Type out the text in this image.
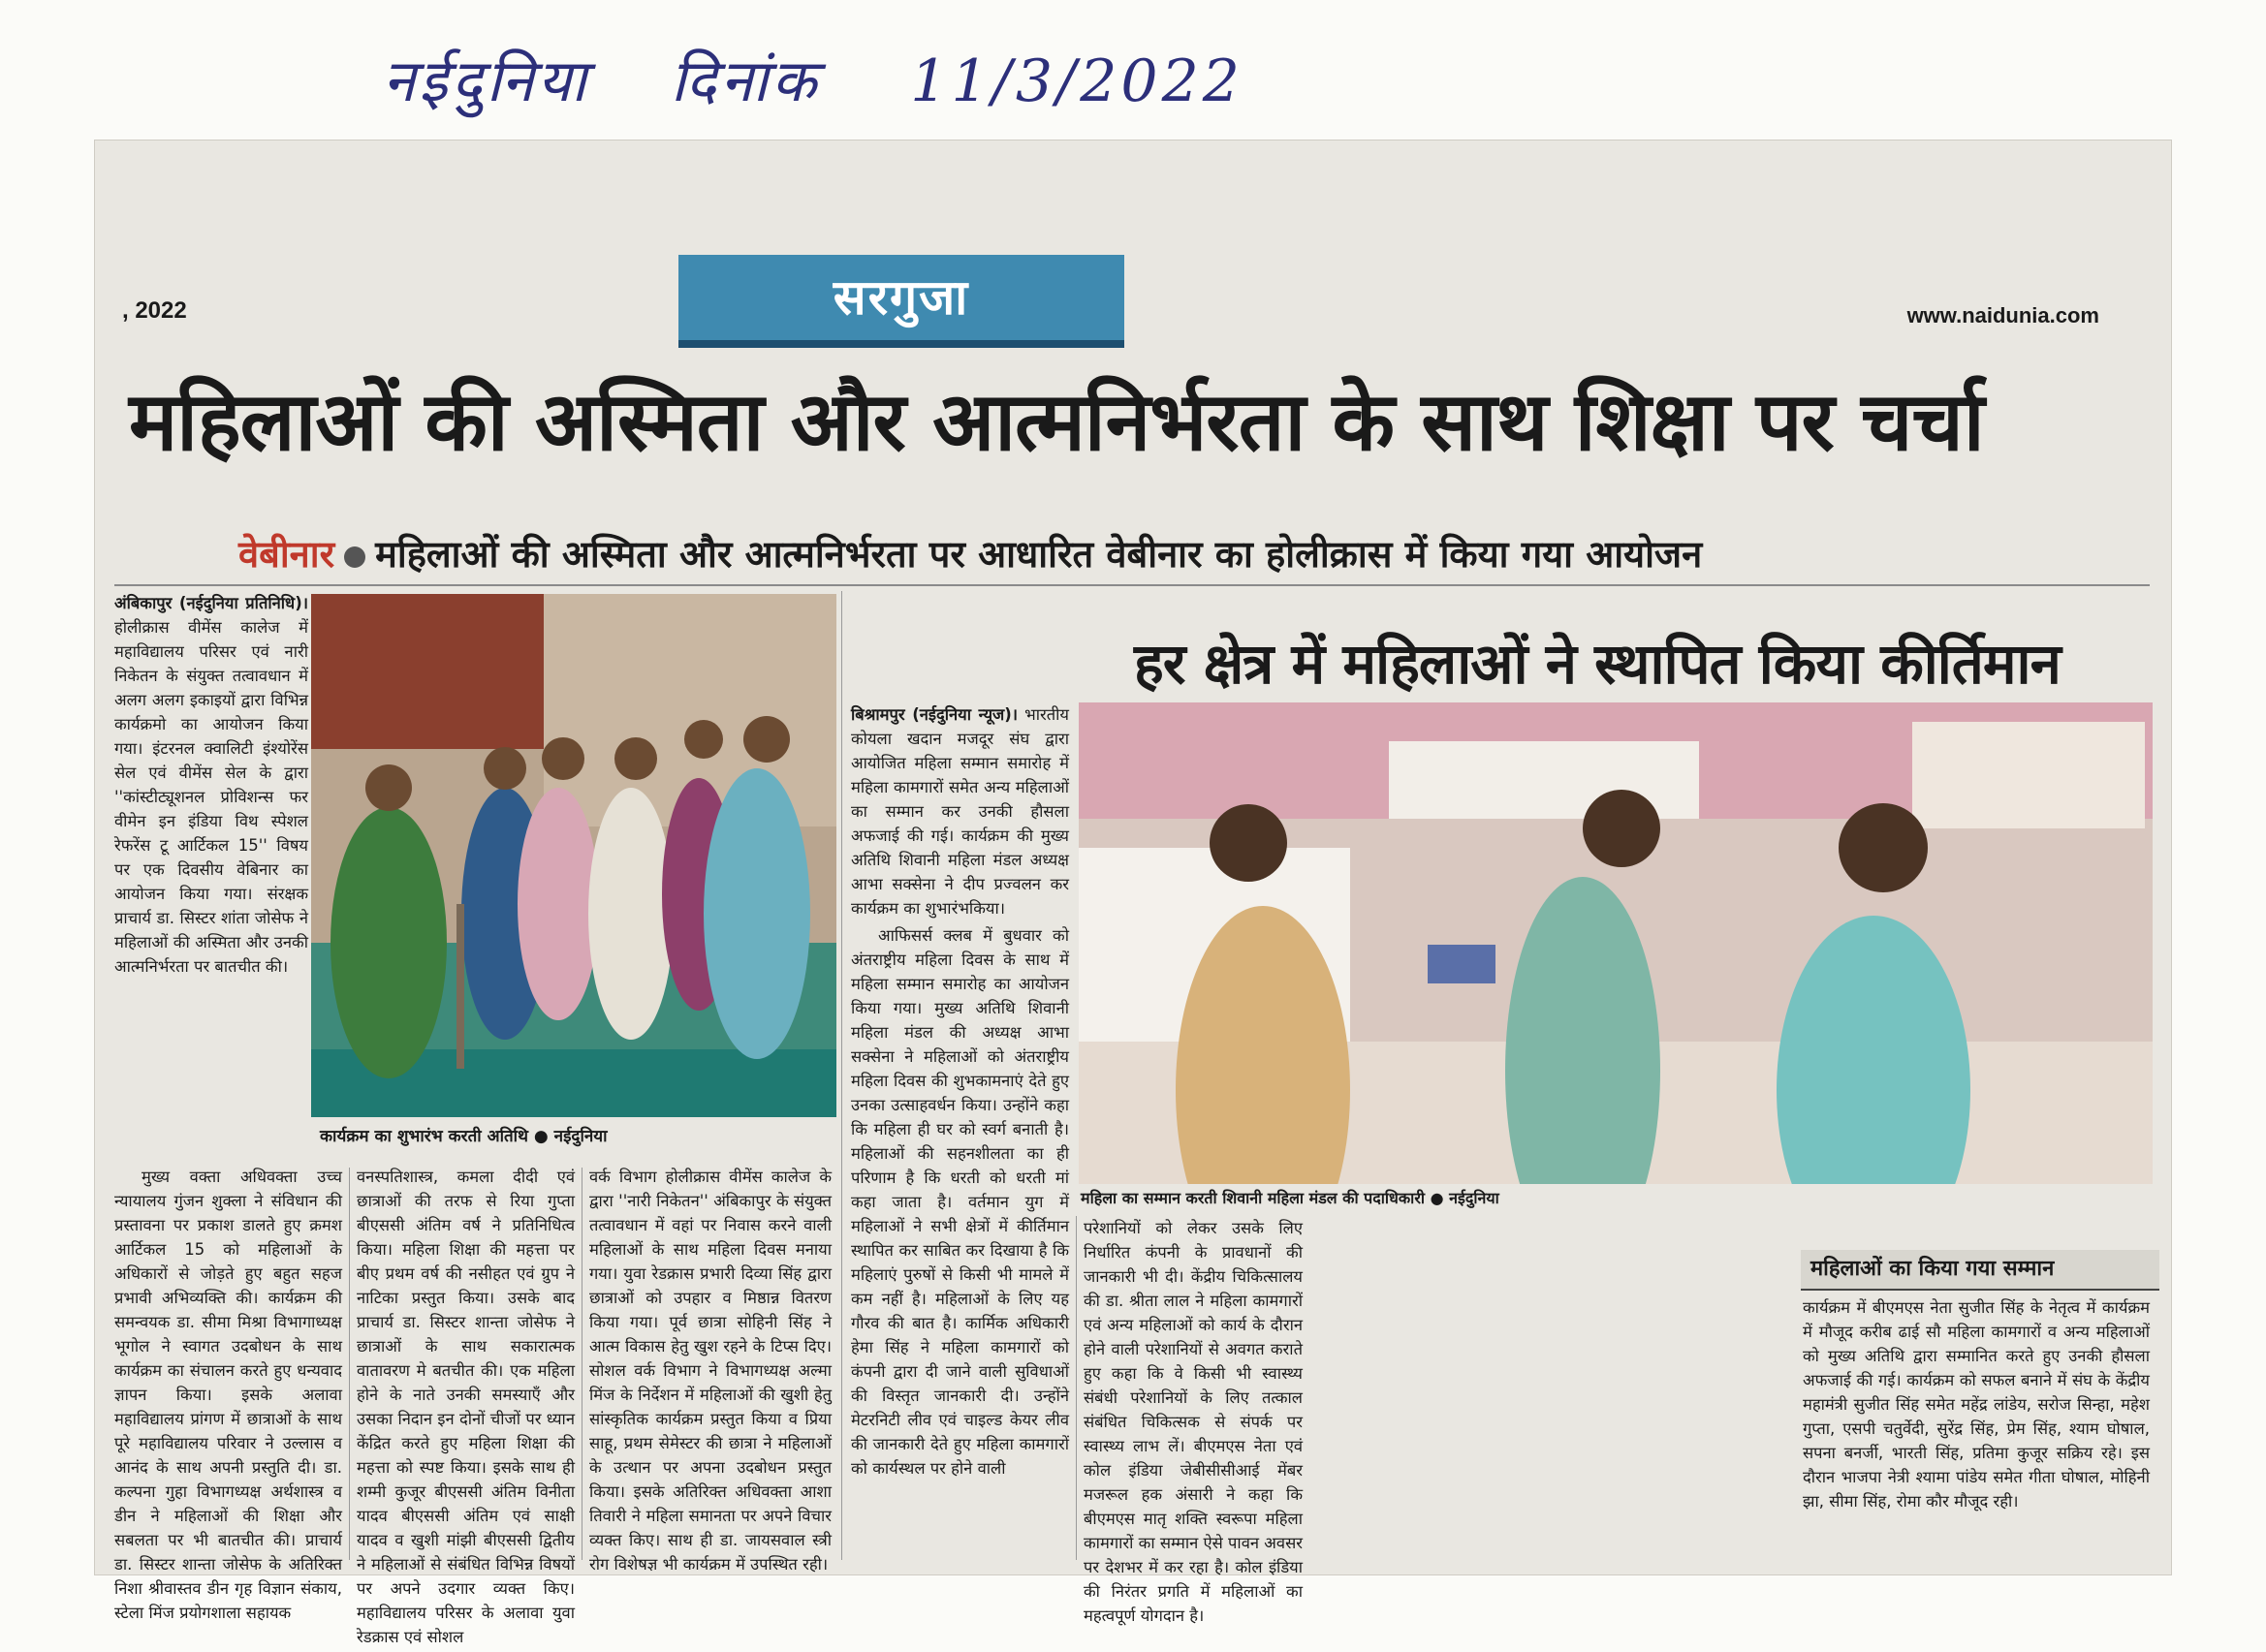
नईदुनिया दिनांक 11/3/2022
, 2022	सरगुजा	www.naidunia.com
महिलाओं की अस्मिता और आत्मनिर्भरता के साथ शिक्षा पर चर्चा
वेबीनार महिलाओं की अस्मिता और आत्मनिर्भरता पर आधारित वेबीनार का होलीक्रास में किया गया आयोजन

अंबिकापुर (नईदुनिया प्रतिनिधि)। होलीक्रास वीमेंस कालेज में महाविद्यालय परिसर एवं नारी निकेतन के संयुक्त तत्वावधान में अलग अलग इकाइयों द्वारा विभिन्न कार्यक्रमो का आयोजन किया गया। इंटरनल क्वालिटी इंश्योरेंस सेल एवं वीमेंस सेल के द्वारा ''कांस्टीट्यूशनल प्रोविशन्स फर वीमेन इन इंडिया विथ स्पेशल रेफरेंस टू आर्टिकल 15'' विषय पर एक दिवसीय वेबिनार का आयोजन किया गया। संरक्षक प्राचार्य डा. सिस्टर शांता जोसेफ ने महिलाओं की अस्मिता और उनकी आत्मनिर्भरता पर बातचीत की।

कार्यक्रम का शुभारंभ करती अतिथि ● नईदुनिया

मुख्य वक्ता अधिवक्ता उच्च न्यायालय गुंजन शुक्ला ने संविधान की प्रस्तावना पर प्रकाश डालते हुए क्रमश आर्टिकल 15 को महिलाओं के अधिकारों से जोड़ते हुए बहुत सहज प्रभावी अभिव्यक्ति की। कार्यक्रम की समन्वयक डा. सीमा मिश्रा विभागाध्यक्ष भूगोल ने स्वागत उदबोधन के साथ कार्यक्रम का संचालन करते हुए धन्यवाद ज्ञापन किया। इसके अलावा महाविद्यालय प्रांगण में छात्राओं के साथ पूरे महाविद्यालय परिवार ने उल्लास व आनंद के साथ अपनी प्रस्तुति दी। डा. कल्पना गुहा विभागध्यक्ष अर्थशास्त्र व डीन ने महिलाओं की शिक्षा और सबलता पर भी बातचीत की। प्राचार्य डा. सिस्टर शान्ता जोसेफ के अतिरिक्त निशा श्रीवास्तव डीन गृह विज्ञान संकाय, स्टेला मिंज प्रयोगशाला सहायक

वनस्पतिशास्त्र, कमला दीदी एवं छात्राओं की तरफ से रिया गुप्ता बीएससी अंतिम वर्ष ने प्रतिनिधित्व किया। महिला शिक्षा की महत्ता पर बीए प्रथम वर्ष की नसीहत एवं ग्रुप ने नाटिका प्रस्तुत किया। उसके बाद प्राचार्य डा. सिस्टर शान्ता जोसेफ ने छात्राओं के साथ सकारात्मक वातावरण मे बतचीत की। एक महिला होने के नाते उनकी समस्याएँ और उसका निदान इन दोनों चीजों पर ध्यान केंद्रित करते हुए महिला शिक्षा की महत्ता को स्पष्ट किया। इसके साथ ही शम्मी कुजूर बीएससी अंतिम विनीता यादव बीएससी अंतिम एवं साक्षी यादव व खुशी मांझी बीएससी द्वितीय ने महिलाओं से संबंधित विभिन्न विषयों पर अपने उदगार व्यक्त किए। महाविद्यालय परिसर के अलावा युवा रेडक्रास एवं सोशल

वर्क विभाग होलीक्रास वीमेंस कालेज के द्वारा ''नारी निकेतन'' अंबिकापुर के संयुक्त तत्वावधान में वहां पर निवास करने वाली महिलाओं के साथ महिला दिवस मनाया गया। युवा रेडक्रास प्रभारी दिव्या सिंह द्वारा छात्राओं को उपहार व मिष्ठान्न वितरण किया गया। पूर्व छात्रा सोहिनी सिंह ने आत्म विकास हेतु खुश रहने के टिप्स दिए। सोशल वर्क विभाग ने विभागध्यक्ष अल्मा मिंज के निर्देशन में महिलाओं की खुशी हेतु सांस्कृतिक कार्यक्रम प्रस्तुत किया व प्रिया साहू, प्रथम सेमेस्टर की छात्रा ने महिलाओं के उत्थान पर अपना उदबोधन प्रस्तुत किया। इसके अतिरिक्त अधिवक्ता आशा तिवारी ने महिला समानता पर अपने विचार व्यक्त किए। साथ ही डा. जायसवाल स्त्री रोग विशेषज्ञ भी कार्यक्रम में उपस्थित रही।

हर क्षेत्र में महिलाओं ने स्थापित किया कीर्तिमान

बिश्रामपुर (नईदुनिया न्यूज)। भारतीय कोयला खदान मजदूर संघ द्वारा आयोजित महिला सम्मान समारोह में महिला कामगारों समेत अन्य महिलाओं का सम्मान कर उनकी हौसला अफजाई की गई। कार्यक्रम की मुख्य अतिथि शिवानी महिला मंडल अध्यक्ष आभा सक्सेना ने दीप प्रज्वलन कर कार्यक्रम का शुभारंभकिया।

आफिसर्स क्लब में बुधवार को अंतराष्ट्रीय महिला दिवस के साथ में महिला सम्मान समारोह का आयोजन किया गया। मुख्य अतिथि शिवानी महिला मंडल की अध्यक्ष आभा सक्सेना ने महिलाओं को अंतराष्ट्रीय महिला दिवस की शुभकामनाएं देते हुए उनका उत्साहवर्धन किया। उन्होंने कहा कि महिला ही घर को स्वर्ग बनाती है। महिलाओं की सहनशीलता का ही परिणाम है कि धरती को धरती मां कहा जाता है। वर्तमान युग में महिलाओं ने सभी क्षेत्रों में कीर्तिमान स्थापित कर साबित कर दिखाया है कि महिलाएं पुरुषों से किसी भी मामले में कम नहीं है। महिलाओं के लिए यह गौरव की बात है। कार्मिक अधिकारी हेमा सिंह ने महिला कामगारों को कंपनी द्वारा दी जाने वाली सुविधाओं की विस्तृत जानकारी दी। उन्होंने मेटरनिटी लीव एवं चाइल्ड केयर लीव की जानकारी देते हुए महिला कामगारों को कार्यस्थल पर होने वाली

महिला का सम्मान करती शिवानी महिला मंडल की पदाधिकारी ● नईदुनिया

परेशानियों को लेकर उसके लिए निर्धारित कंपनी के प्रावधानों की जानकारी भी दी। केंद्रीय चिकित्सालय की डा. श्रीता लाल ने महिला कामगारों एवं अन्य महिलाओं को कार्य के दौरान होने वाली परेशानियों से अवगत कराते हुए कहा कि वे किसी भी स्वास्थ्य संबंधी परेशानियों के लिए तत्काल संबंधित चिकित्सक से संपर्क पर स्वास्थ्य लाभ लें। बीएमएस नेता एवं कोल इंडिया जेबीसीसीआई मेंबर मजरूल हक अंसारी ने कहा कि बीएमएस मातृ शक्ति स्वरूपा महिला कामगारों का सम्मान ऐसे पावन अवसर पर देशभर में कर रहा है। कोल इंडिया की निरंतर प्रगति में महिलाओं का महत्वपूर्ण योगदान है।

महिलाओं का किया गया सम्मान

कार्यक्रम में बीएमएस नेता सुजीत सिंह के नेतृत्व में कार्यक्रम में मौजूद करीब ढाई सौ महिला कामगारों व अन्य महिलाओं को मुख्य अतिथि द्वारा सम्मानित करते हुए उनकी हौसला अफजाई की गई। कार्यक्रम को सफल बनाने में संघ के केंद्रीय महामंत्री सुजीत सिंह समेत महेंद्र लांडेय, सरोज सिन्हा, महेश गुप्ता, एसपी चतुर्वेदी, सुरेंद्र सिंह, प्रेम सिंह, श्याम घोषाल, सपना बनर्जी, भारती सिंह, प्रतिमा कुजूर सक्रिय रहे। इस दौरान भाजपा नेत्री श्यामा पांडेय समेत गीता घोषाल, मोहिनी झा, सीमा सिंह, रोमा कौर मौजूद रही।
